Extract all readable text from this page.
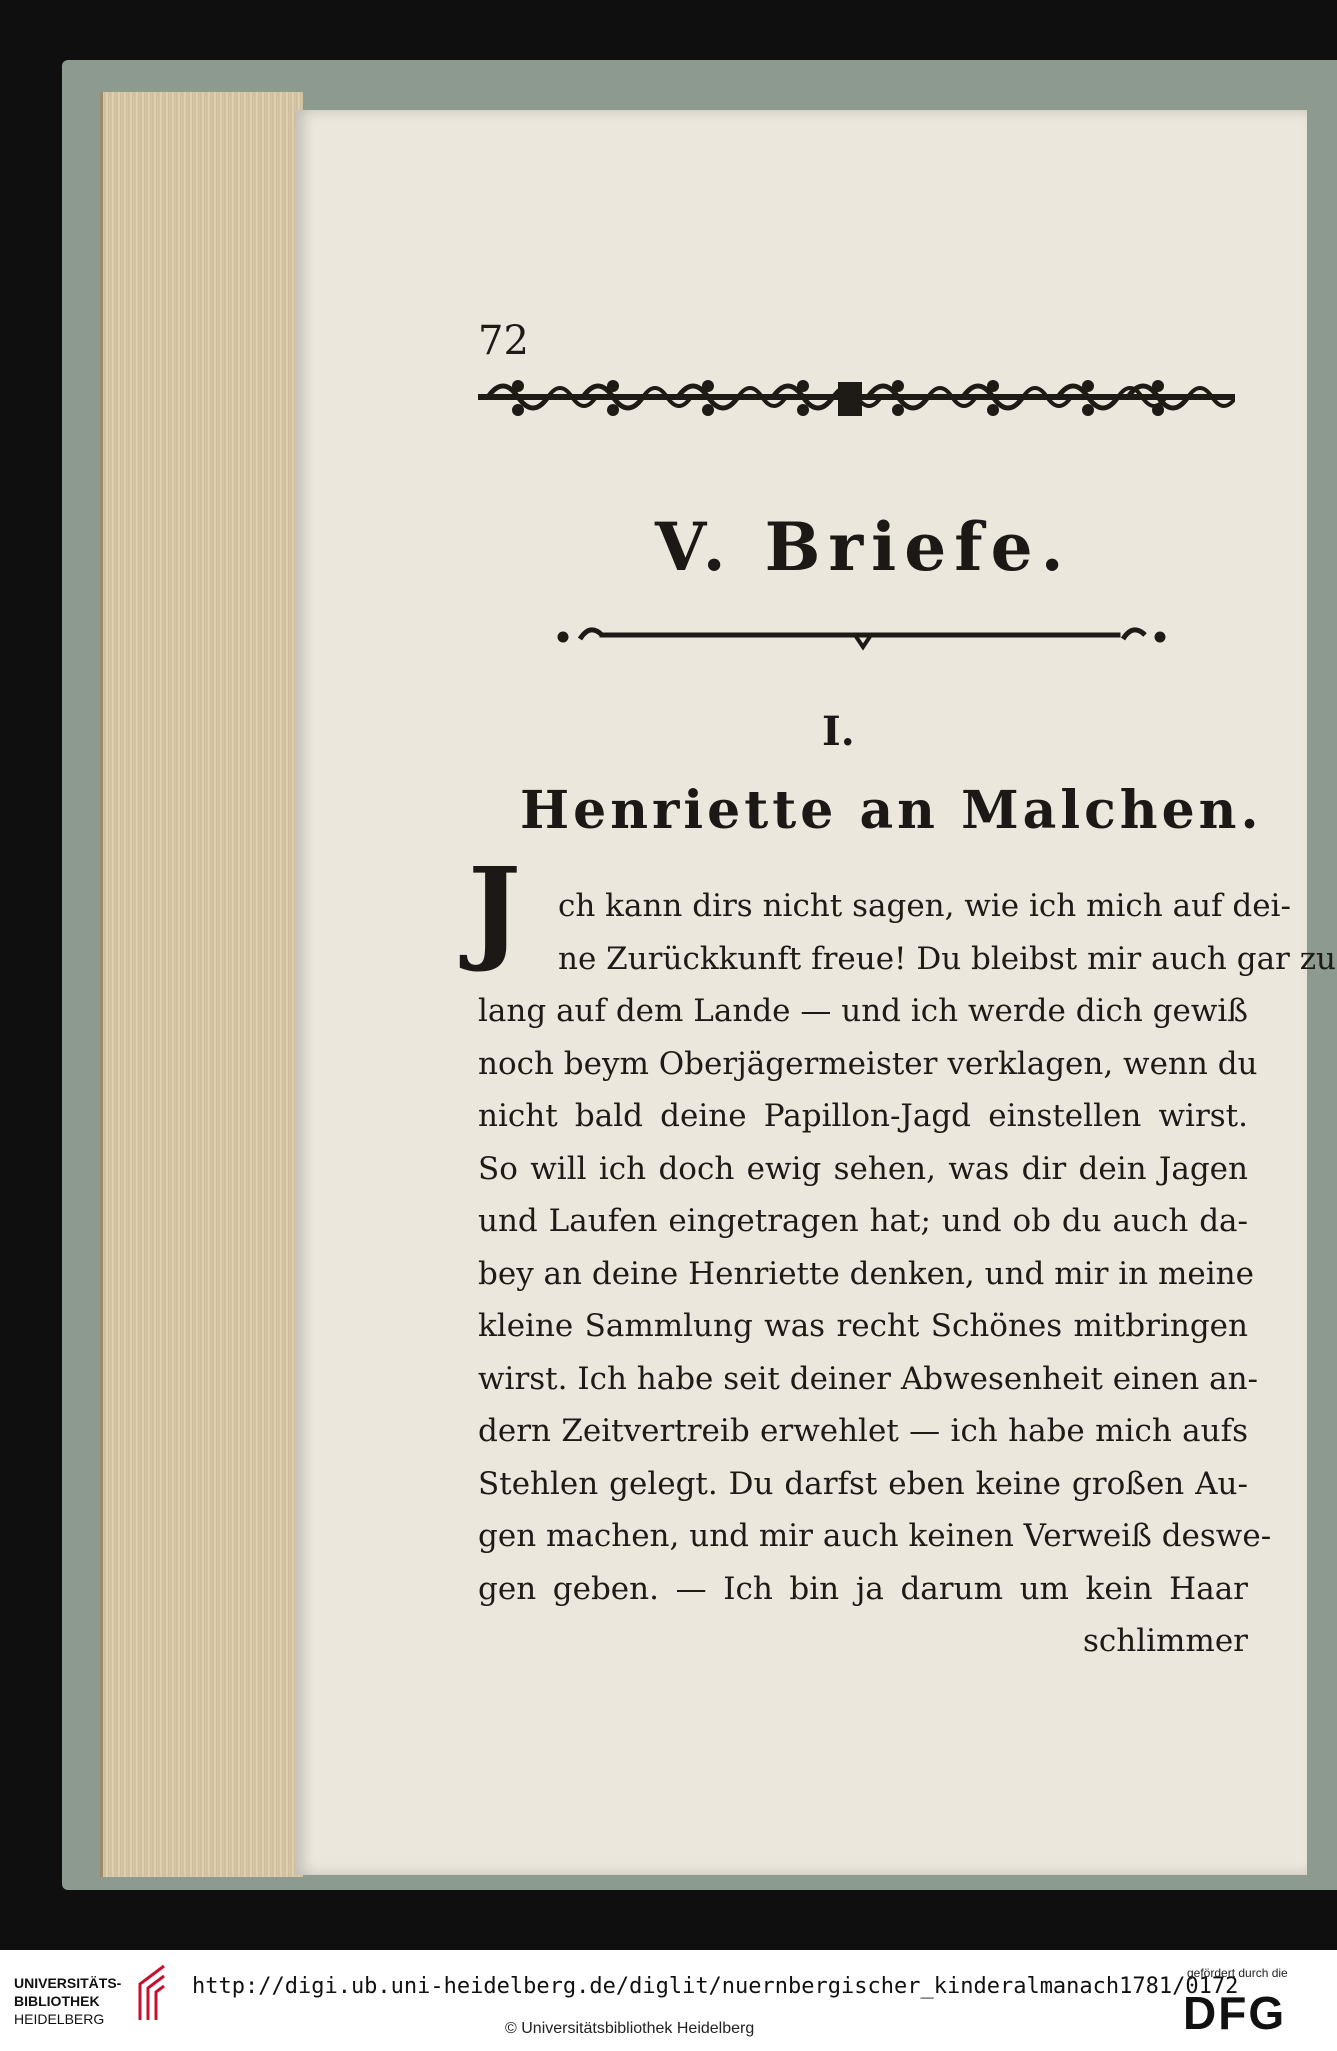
72
V. Briefe.
I.
Henriette an Malchen.
J	ch kann dirs nicht sagen, wie ich mich auf dei-
ne Zurückkunft freue! Du bleibst mir auch gar zu
lang auf dem Lande — und ich werde dich gewiß
noch beym Oberjägermeister verklagen, wenn du
nicht bald deine Papillon-Jagd einstellen wirst.
So will ich doch ewig sehen, was dir dein Jagen
und Laufen eingetragen hat; und ob du auch da-
bey an deine Henriette denken, und mir in meine
kleine Sammlung was recht Schönes mitbringen
wirst. Ich habe seit deiner Abwesenheit einen an-
dern Zeitvertreib erwehlet — ich habe mich aufs
Stehlen gelegt. Du darfst eben keine großen Au-
gen machen, und mir auch keinen Verweiß deswe-
gen geben. — Ich bin ja darum um kein Haar
schlimmer
UNIVERSITÄTS-
BIBLIOTHEK
HEIDELBERG
http://digi.ub.uni-heidelberg.de/diglit/nuernbergischer_kinderalmanach1781/0172
© Universitätsbibliothek Heidelberg
gefördert durch die
DFG
